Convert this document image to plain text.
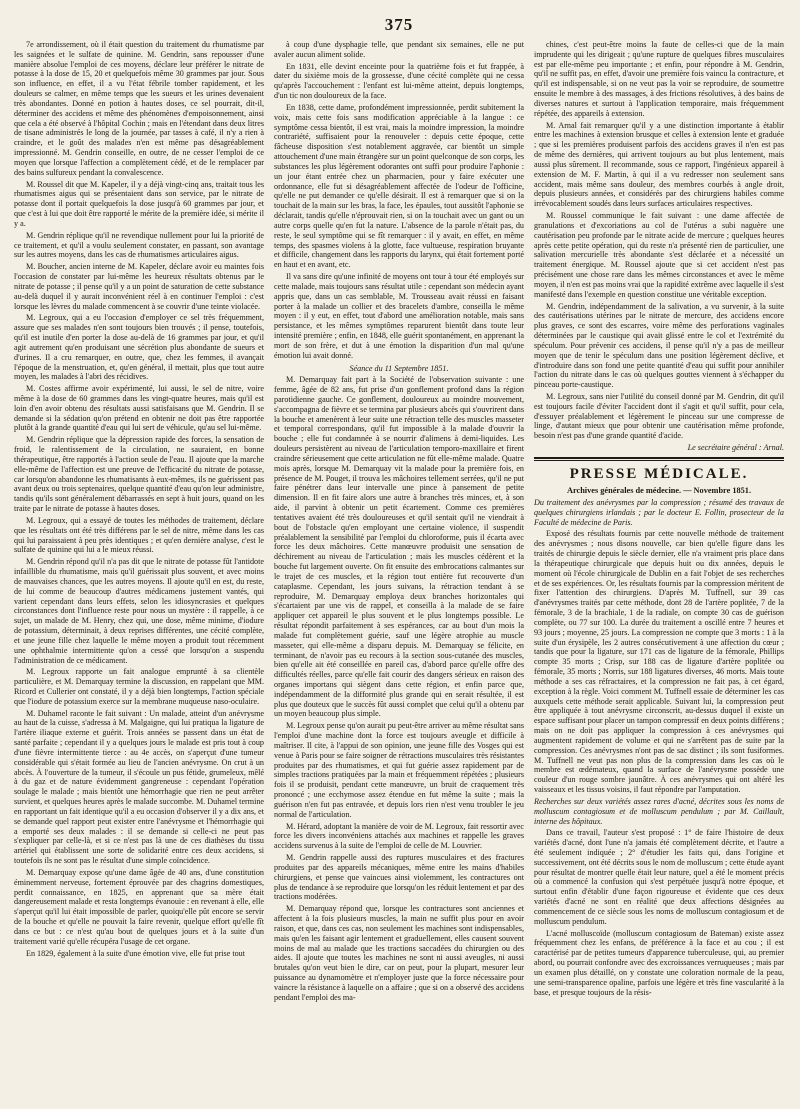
375

7e arrondissement, où il était question du traitement du rhumatisme par les saignées et le sulfate de quinine. M. Gendrin, sans repousser d'une manière absolue l'emploi de ces moyens, déclare leur préférer le nitrate de potasse à la dose de 15, 20 et quelquefois même 30 grammes par jour. Sous son influence, en effet, il a vu l'état fébrile tomber rapidement, et les douleurs se calmer, en même temps que les sueurs et les urines devenaient très abondantes. Donné en potion à hautes doses, ce sel pourrait, dit-il, déterminer des accidens et même des phénomènes d'empoisonnement, ainsi que cela a été observé à l'hôpital Cochin ; mais en l'étendant dans deux litres de tisane administrés le long de la journée, par tasses à café, il n'y a rien à craindre, et le goût des malades n'en est même pas désagréablement impressionné. M. Gendrin conseille, en outre, de ne cesser l'emploi de ce moyen que lorsque l'affection a complètement cédé, et de le remplacer par des bains sulfureux pendant la convalescence.

M. Roussel dit que M. Kapeler, il y a déjà vingt-cinq ans, traitait tous les rhumatismes aigus qui se présentaient dans son service, par le nitrate de potasse dont il portait quelquefois la dose jusqu'à 60 grammes par jour, et que c'est à lui que doit être rapporté le mérite de la première idée, si mérite il y a.

M. Gendrin réplique qu'il ne revendique nullement pour lui la priorité de ce traitement, et qu'il a voulu seulement constater, en passant, son avantage sur les autres moyens, dans les cas de rhumatismes articulaires aigus.

M. Boucher, ancien interne de M. Kapeler, déclare avoir eu maintes fois l'occasion de constater par lui-même les heureux résultats obtenus par le nitrate de potasse ; il pense qu'il y a un point de saturation de cette substance au-delà duquel il y aurait inconvénient réel à en continuer l'emploi : c'est lorsque les lèvres du malade commencent à se couvrir d'une teinte violacée.

M. Legroux, qui a eu l'occasion d'employer ce sel très fréquemment, assure que ses malades n'en sont toujours bien trouvés ; il pense, toutefois, qu'il est inutile d'en porter la dose au-delà de 16 grammes par jour, et qu'il agit autrement qu'en produisant une sécrétion plus abondante de sueurs et d'urines. Il a cru remarquer, en outre, que, chez les femmes, il avançait l'époque de la menstruation, et, qu'en général, il mettait, plus que tout autre moyen, les malades à l'abri des récidives.

M. Costes affirme avoir expérimenté, lui aussi, le sel de nitre, voire même à la dose de 60 grammes dans les vingt-quatre heures, mais qu'il est loin d'en avoir obtenu des résultats aussi satisfaisans que M. Gendrin. Il se demande si la sédation qu'on prétend en obtenir ne doit pas être rapportée plutôt à la grande quantité d'eau qui lui sert de véhicule, qu'au sel lui-même.

M. Gendrin réplique que la dépression rapide des forces, la sensation de froid, le ralentissement de la circulation, ne sauraient, en bonne thérapeutique, être rapportés à l'action seule de l'eau. Il ajoute que la marche elle-même de l'affection est une preuve de l'efficacité du nitrate de potasse, car lorsqu'on abandonne les rhumatisants à eux-mêmes, ils ne guérissent pas avant deux ou trois septenaires, quelque quantité d'eau qu'on leur administre, tandis qu'ils sont généralement débarrassés en sept à huit jours, quand on les traite par le nitrate de potasse à hautes doses.

M. Legroux, qui a essayé de toutes les méthodes de traitement, déclare que les résultats ont été très différens par le sel de nitre, même dans les cas qui lui paraissaient à peu près identiques ; et qu'en dernière analyse, c'est le sulfate de quinine qui lui a le mieux réussi.

M. Gendrin répond qu'il n'a pas dit que le nitrate de potasse fût l'antidote infaillible du rhumatisme, mais qu'il guérissait plus souvent, et avec moins de mauvaises chances, que les autres moyens. Il ajoute qu'il en est, du reste, de lui comme de beaucoup d'autres médicamens justement vantés, qui varient cependant dans leurs effets, selon les idiosyncrasies et quelques circonstances dont l'influence reste pour nous un mystère : il rappelle, à ce sujet, un malade de M. Henry, chez qui, une dose, même minime, d'iodure de potassium, déterminait, à deux reprises différentes, une cécité complète, et une jeune fille chez laquelle le même moyen a produit tout récemment une ophthalmie intermittente qu'on a cessé que lorsqu'on a suspendu l'administration de ce médicament.

M. Legroux rapporte un fait analogue emprunté à sa clientèle particulière, et M. Demarquay termine la discussion, en rappelant que MM. Ricord et Cullerier ont constaté, il y a déjà bien longtemps, l'action spéciale que l'iodure de potassium exerce sur la membrane muqueuse naso-oculaire.

M. Duhamel raconte le fait suivant : Un malade, atteint d'un anévrysme au haut de la cuisse, s'adressa à M. Malgaigne, qui lui pratiqua la ligature de l'artère iliaque externe et guérit. Trois années se passent dans un état de santé parfaite ; cependant il y a quelques jours le malade est pris tout à coup d'une fièvre intermittente tierce : au 4e accès, on s'aperçut d'une tumeur considérable qui s'était formée au lieu de l'ancien anévrysme. On crut à un abcès. À l'ouverture de la tumeur, il s'écoule un pus fétide, grumeleux, mêlé à du gaz et de nature évidemment gangreneuse : cependant l'opération soulage le malade ; mais bientôt une hémorrhagie que rien ne peut arrêter survient, et quelques heures après le malade succombe. M. Duhamel termine en rapportant un fait identique qu'il a eu occasion d'observer il y a dix ans, et se demande quel rapport peut exister entre l'anévrysme et l'hémorrhagie qui a emporté ses deux malades : il se demande si celle-ci ne peut pas s'expliquer par celle-là, et si ce n'est pas là une de ces diathèses du tissu artériel qui établissent une sorte de solidarité entre ces deux accidens, si toutefois ils ne sont pas le résultat d'une simple coïncidence.

M. Demarquay expose qu'une dame âgée de 40 ans, d'une constitution éminemment nerveuse, fortement éprouvée par des chagrins domestiques, perdit connaissance, en 1825, en apprenant que sa mère était dangereusement malade et resta longtemps évanouie : en revenant à elle, elle s'aperçut qu'il lui était impossible de parler, quoiqu'elle pût encore se servir de la bouche et qu'elle ne pouvait la faire revenir, quelque effort qu'elle fît dans ce but : ce n'est qu'au bout de quelques jours et à la suite d'un traitement varié qu'elle récupéra l'usage de cet organe.

En 1829, également à la suite d'une émotion vive, elle fut prise tout

à coup d'une dysphagie telle, que pendant six semaines, elle ne put avaler aucun aliment solide.

En 1831, elle devint enceinte pour la quatrième fois et fut frappée, à dater du sixième mois de la grossesse, d'une cécité complète qui ne cessa qu'après l'accouchement : l'enfant est lui-même atteint, depuis longtemps, d'un tic non douloureux de la face.

En 1838, cette dame, profondément impressionnée, perdit subitement la voix, mais cette fois sans modification appréciable à la langue : ce symptôme cessa bientôt, il est vrai, mais la moindre impression, la moindre contrariété, suffisaient pour la renouveler : depuis cette époque, cette fâcheuse disposition s'est notablement aggravée, car bientôt un simple attouchement d'une main étrangère sur un point quelconque de son corps, les substances les plus légèrement odorantes ont suffi pour produire l'aphonie : un jour étant entrée chez un pharmacien, pour y faire exécuter une ordonnance, elle fut si désagréablement affectée de l'odeur de l'officine, qu'elle ne put demander ce qu'elle désirait. Il est à remarquer que si on la touchait de la main sur les bras, la face, les épaules, tout aussitôt l'aphonie se déclarait, tandis qu'elle n'éprouvait rien, si on la touchait avec un gant ou un autre corps quelle qu'en fut la nature. L'absence de la parole n'était pas, du reste, le seul symptôme qui se fît remarquer : il y avait, en effet, en même temps, des spasmes violens à la glotte, face vultueuse, respiration bruyante et difficile, changement dans les rapports du larynx, qui était fortement porté en haut et en avant, etc.

Il va sans dire qu'une infinité de moyens ont tour à tour été employés sur cette malade, mais toujours sans résultat utile : cependant son médecin ayant appris que, dans un cas semblable, M. Trousseau avait réussi en faisant porter à la malade un collier et des bracelets d'ambre, conseilla le même moyen : il y eut, en effet, tout d'abord une amélioration notable, mais sans persistance, et les mêmes symptômes reparurent bientôt dans toute leur intensité première ; enfin, en 1848, elle guérit spontanément, en apprenant la mort de son frère, et dut à une émotion la disparition d'un mal qu'une émotion lui avait donné.

Séance du 11 Septembre 1851.

M. Demarquay fait part à la Société de l'observation suivante : une femme, âgée de 82 ans, fut prise d'un gonflement profond dans la région parotidienne gauche. Ce gonflement, douloureux au moindre mouvement, s'accompagna de fièvre et se termina par plusieurs abcès qui s'ouvrirent dans la bouche et amenèrent à leur suite une rétraction telle des muscles masseter et temporal correspondans, qu'il fut impossible à la malade d'ouvrir la bouche ; elle fut condamnée à se nourrir d'alimens à demi-liquides. Les douleurs persistèrent au niveau de l'articulation temporo-maxillaire et firent craindre sérieusement que cette articulation ne fût elle-même malade. Quatre mois après, lorsque M. Demarquay vit la malade pour la première fois, en présence de M. Pouget, il trouva les mâchoires tellement serrées, qu'il ne put faire pénétrer dans leur intervalle une pince à pansement de petite dimension. Il en fit faire alors une autre à branches très minces, et, à son aide, il parvint à obtenir un petit écartement. Comme ces premières tentatives avaient été très douloureuses et qu'il sentait qu'il ne viendrait à bout de l'obstacle qu'en employant une certaine violence, il suspendit préalablement la sensibilité par l'emploi du chloroforme, puis il écarta avec force les deux mâchoires. Cette manœuvre produisit une sensation de déchirement au niveau de l'articulation ; mais les muscles cédèrent et la bouche fut largement ouverte. On fit ensuite des embrocations calmantes sur le trajet de ces muscles, et la région tout entière fut recouverte d'un cataplasme. Cependant, les jours suivans, la rétraction tendant à se reproduire, M. Demarquay employa deux branches horizontales qui s'écartaient par une vis de rappel, et conseilla à la malade de se faire appliquer cet appareil le plus souvent et le plus longtemps possible. Le résultat répondit parfaitement à ses espérances, car au bout d'un mois la malade fut complètement guérie, sauf une légère atrophie au muscle masseter, qui elle-même a disparu depuis. M. Demarquay se félicite, en terminant, de n'avoir pas eu recours à la section sous-cutanée des muscles, bien qu'elle ait été conseillée en pareil cas, d'abord parce qu'elle offre des difficultés réelles, parce qu'elle fait courir des dangers sérieux en raison des organes importans qui siègent dans cette région, et enfin parce que, indépendamment de la difformité plus grande qui en serait résultée, il est plus que douteux que le succès fût aussi complet que celui qu'il a obtenu par un moyen beaucoup plus simple.

M. Legroux pense qu'on aurait pu peut-être arriver au même résultat sans l'emploi d'une machine dont la force est toujours aveugle et difficile à maîtriser. Il cite, à l'appui de son opinion, une jeune fille des Vosges qui est venue à Paris pour se faire soigner de rétractions musculaires très résistantes produites par des rhumatismes, et qui fut guérie assez rapidement par de simples tractions pratiquées par la main et fréquemment répétées ; plusieurs fois il se produisit, pendant cette manœuvre, un bruit de craquement très prononcé ; une ecchymose assez étendue en fut même la suite ; mais la guérison n'en fut pas entravée, et depuis lors rien n'est venu troubler le jeu normal de l'articulation.

M. Hérard, adoptant la manière de voir de M. Legroux, fait ressortir avec force les divers inconvéniens attachés aux machines et rappelle les graves accidens survenus à la suite de l'emploi de celle de M. Louvrier.

M. Gendrin rappelle aussi des ruptures musculaires et des fractures produites par des appareils mécaniques, même entre les mains d'habiles chirurgiens, et pense que vaincues ainsi violemment, les contractures ont plus de tendance à se reproduire que lorsqu'on les réduit lentement et par des tractions modérées.

M. Demarquay répond que, lorsque les contractures sont anciennes et affectent à la fois plusieurs muscles, la main ne suffit plus pour en avoir raison, et que, dans ces cas, non seulement les machines sont indispensables, mais qu'en les faisant agir lentement et graduellement, elles causent souvent moins de mal au malade que les tractions saccadées du chirurgien ou des aides. Il ajoute que toutes les machines ne sont ni aussi aveugles, ni aussi brutales qu'on veut bien le dire, car on peut, pour la plupart, mesurer leur puissance au dynamomètre et n'employer juste que la force nécessaire pour vaincre la résistance à laquelle on a affaire ; que si on a observé des accidens pendant l'emploi des ma-

chines, c'est peut-être moins la faute de celles-ci que de la main imprudente qui les dirigeait ; qu'une rupture de quelques fibres musculaires est par elle-même peu importante ; et enfin, pour répondre à M. Gendrin, qu'il ne suffit pas, en effet, d'avoir une première fois vaincu la contracture, et qu'il est indispensable, si on ne veut pas la voir se reproduire, de soumettre ensuite le membre à des massages, à des frictions résolutives, à des bains de diverses natures et surtout à l'application temporaire, mais fréquemment répétée, des appareils à extension.

M. Arnal fait remarquer qu'il y a une distinction importante à établir entre les machines à extension brusque et celles à extension lente et graduée ; que si les premières produisent parfois des accidens graves il n'en est pas de même des dernières, qui arrivent toujours au but plus lentement, mais aussi plus sûrement. Il recommande, sous ce rapport, l'ingénieux appareil à extension de M. F. Martin, à qui il a vu redresser non seulement sans accident, mais même sans douleur, des membres courbés à angle droit, depuis plusieurs années, et considérés par des chirurgiens habiles comme irrévocablement soudés dans leurs surfaces articulaires respectives.

M. Roussel communique le fait suivant : une dame affectée de granulations et d'excoriations au col de l'utérus a subi naguère une cautérisation peu profonde par le nitrate acide de mercure ; quelques heures après cette petite opération, qui du reste n'a présenté rien de particulier, une salivation mercurielle très abondante s'est déclarée et a nécessité un traitement énergique. M. Roussel ajoute que si cet accident n'est pas précisément une chose rare dans les mêmes circonstances et avec le même moyen, il n'en est pas moins vrai que la rapidité extrême avec laquelle il s'est manifesté dans l'exemple en question constitue une véritable exception.

M. Gendrin, indépendamment de la salivation, a vu survenir, à la suite des cautérisations utérines par le nitrate de mercure, des accidens encore plus graves, ce sont des escarres, voire même des perforations vaginales déterminées par le caustique qui avait glissé entre le col et l'extrémité du spéculum. Pour prévenir ces accidens, il pense qu'il n'y a pas de meilleur moyen que de tenir le spéculum dans une position légèrement déclive, et d'introduire dans son fond une petite quantité d'eau qui suffit pour annihiler l'action du nitrate dans le cas où quelques gouttes viennent à s'échapper du pinceau porte-caustique.

M. Legroux, sans nier l'utilité du conseil donné par M. Gendrin, dit qu'il est toujours facile d'éviter l'accident dont il s'agit et qu'il suffit, pour cela, d'essuyer préalablement et légèrement le pinceau sur une compresse de linge, d'autant mieux que pour obtenir une cautérisation même profonde, besoin n'est pas d'une grande quantité d'acide.

Le secrétaire général : Arnal.
PRESSE MÉDICALE.
Archives générales de médecine. — Novembre 1851.

Du traitement des anévrysmes par la compression ; résumé des travaux de quelques chirurgiens irlandais ; par le docteur E. Follin, prosecteur de la Faculté de médecine de Paris.

Exposé des résultats fournis par cette nouvelle méthode de traitement des anévrysmes ; nous disons nouvelle, car bien qu'elle figure dans les traités de chirurgie depuis le siècle dernier, elle n'a vraiment pris place dans la thérapeutique chirurgicale que depuis huit ou dix années, depuis le moment où l'école chirurgicale de Dublin en a fait l'objet de ses recherches et de ses expériences. Or, les résultats fournis par la compression méritent de fixer l'attention des chirurgiens. D'après M. Tuffnell, sur 39 cas d'anévrysmes traités par cette méthode, dont 28 de l'artère poplitée, 7 de la fémorale, 3 de la brachiale, 1 de la radiale, on compte 30 cas de guérison complète, ou 77 sur 100. La durée du traitement a oscillé entre 7 heures et 93 jours ; moyenne, 25 jours. La compression ne compte que 3 morts : 1 à la suite d'un érysipèle, les 2 autres consécutivement à une affection du cœur ; tandis que pour la ligature, sur 171 cas de ligature de la fémorale, Phillips compte 35 morts ; Crisp, sur 188 cas de ligature d'artère poplitée ou fémorale, 35 morts ; Norris, sur 188 ligatures diverses, 46 morts. Mais toute méthode a ses cas réfractaires, et la compression ne fait pas, à cet égard, exception à la règle. Voici comment M. Tuffnell essaie de déterminer les cas auxquels cette méthode serait applicable. Suivant lui, la compression peut être appliquée à tout anévrysme circonscrit, au-dessus duquel il existe un espace suffisant pour placer un tampon compressif en deux points différens ; mais on ne doit pas appliquer la compression à ces anévrysmes qui augmentent rapidement de volume et qui ne s'arrêtent pas de suite par la compression. Ces anévrysmes n'ont pas de sac distinct ; ils sont fusiformes. M. Tuffnell ne veut pas non plus de la compression dans les cas où le membre est œdémateux, quand la surface de l'anévrysme possède une couleur d'un rouge sombre jaunâtre. À ces anévrysmes qui ont altéré les vaisseaux et les tissus voisins, il faut répondre par l'amputation.

Recherches sur deux variétés assez rares d'acné, décrites sous les noms de molluscum contagiosum et de molluscum pendulum ; par M. Caillault, interne des hôpitaux.

Dans ce travail, l'auteur s'est proposé : 1° de faire l'histoire de deux variétés d'acné, dont l'une n'a jamais été complètement décrite, et l'autre a été seulement indiquée ; 2° d'étudier les faits qui, dans l'origine et successivement, ont été décrits sous le nom de molluscum ; cette étude ayant pour résultat de montrer quelle était leur nature, quel a été le moment précis où a commencé la confusion qui s'est perpétuée jusqu'à notre époque, et surtout enfin d'établir d'une façon rigoureuse et évidente que ces deux variétés d'acné ne sont en réalité que deux affections désignées au commencement de ce siècle sous les noms de molluscum contagiosum et de molluscum pendulum.

L'acné molluscoïde (molluscum contagiosum de Bateman) existe assez fréquemment chez les enfans, de préférence à la face et au cou ; il est caractérisé par de petites tumeurs d'apparence tuberculeuse, qui, au premier abord, ou pourrait confondre avec des excroissances verruqueuses ; mais par un examen plus détaillé, on y constate une coloration normale de la peau, une semi-transparence opaline, parfois une légère et très fine vascularité à la base, et presque toujours de la résis-
